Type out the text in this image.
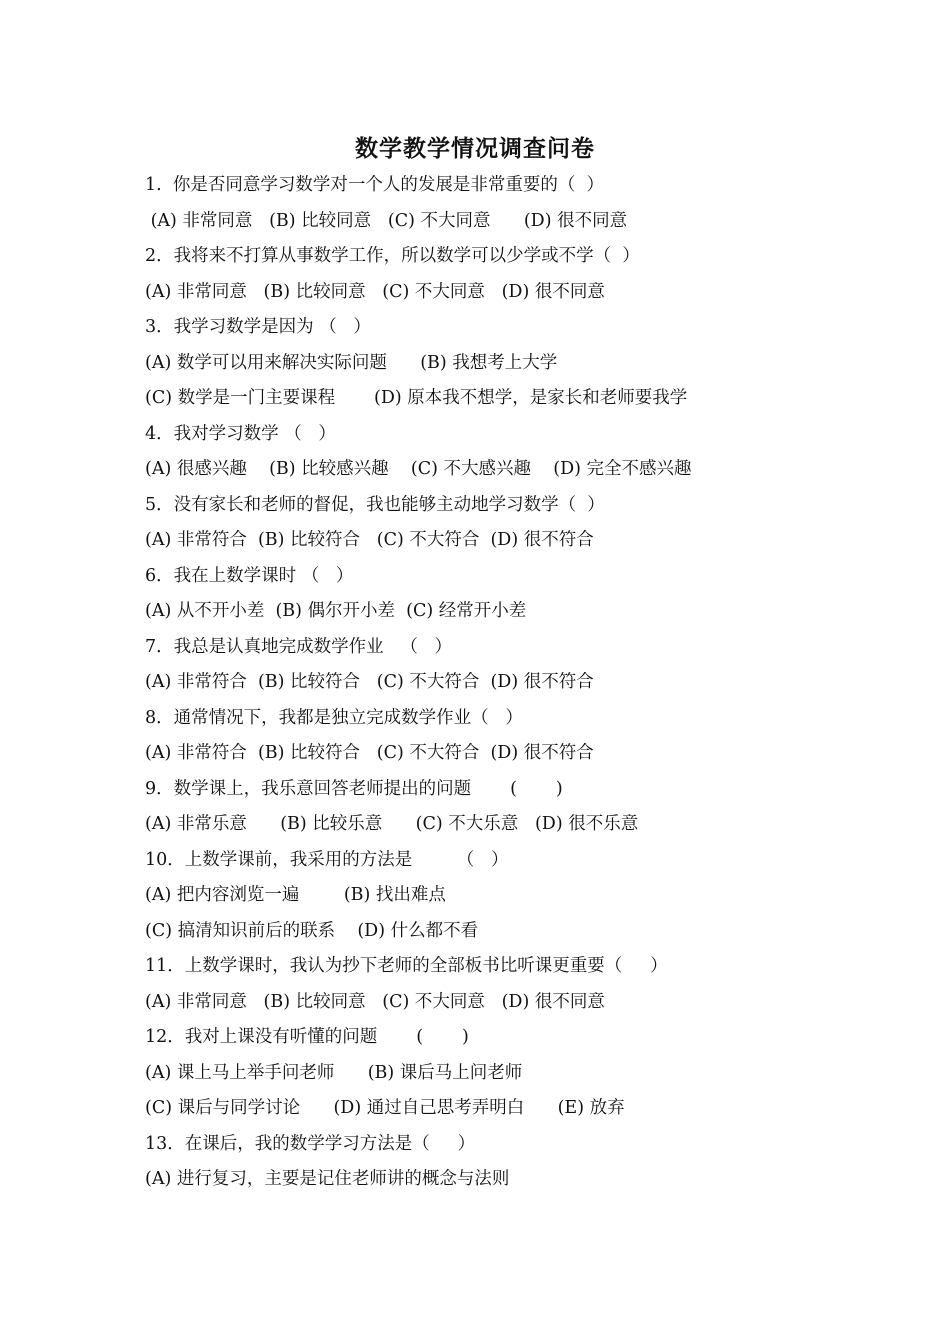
数学教学情况调查问卷
1.  你是否同意学习数学对一个人的发展是非常重要的（  ）
(A) 非常同意   (B) 比较同意   (C) 不大同意      (D) 很不同意
2．我将来不打算从事数学工作，所以数学可以少学或不学（  ）
(A) 非常同意   (B) 比较同意   (C) 不大同意   (D) 很不同意
3．我学习数学是因为 （   ）
(A) 数学可以用来解决实际问题      (B) 我想考上大学
(C) 数学是一门主要课程       (D) 原本我不想学，是家长和老师要我学
4．我对学习数学 （   ）
(A) 很感兴趣    (B) 比较感兴趣    (C) 不大感兴趣    (D) 完全不感兴趣
5．没有家长和老师的督促，我也能够主动地学习数学（  ）
(A) 非常符合  (B) 比较符合   (C) 不大符合  (D) 很不符合
6．我在上数学课时 （   ）
(A) 从不开小差  (B) 偶尔开小差  (C) 经常开小差
7．我总是认真地完成数学作业   （   ）
(A) 非常符合  (B) 比较符合   (C) 不大符合  (D) 很不符合
8．通常情况下，我都是独立完成数学作业（   ）
(A) 非常符合  (B) 比较符合   (C) 不大符合  (D) 很不符合
9．数学课上，我乐意回答老师提出的问题       (       )
(A) 非常乐意      (B) 比较乐意      (C) 不大乐意   (D) 很不乐意
10．上数学课前，我采用的方法是        （   ）
(A) 把内容浏览一遍        (B) 找出难点
(C) 搞清知识前后的联系    (D) 什么都不看
11．上数学课时，我认为抄下老师的全部板书比听课更重要（     ）
(A) 非常同意   (B) 比较同意   (C) 不大同意   (D) 很不同意
12．我对上课没有听懂的问题       (       )
(A) 课上马上举手问老师      (B) 课后马上问老师
(C) 课后与同学讨论      (D) 通过自己思考弄明白      (E) 放弃
13．在课后，我的数学学习方法是（     ）
(A) 进行复习，主要是记住老师讲的概念与法则
